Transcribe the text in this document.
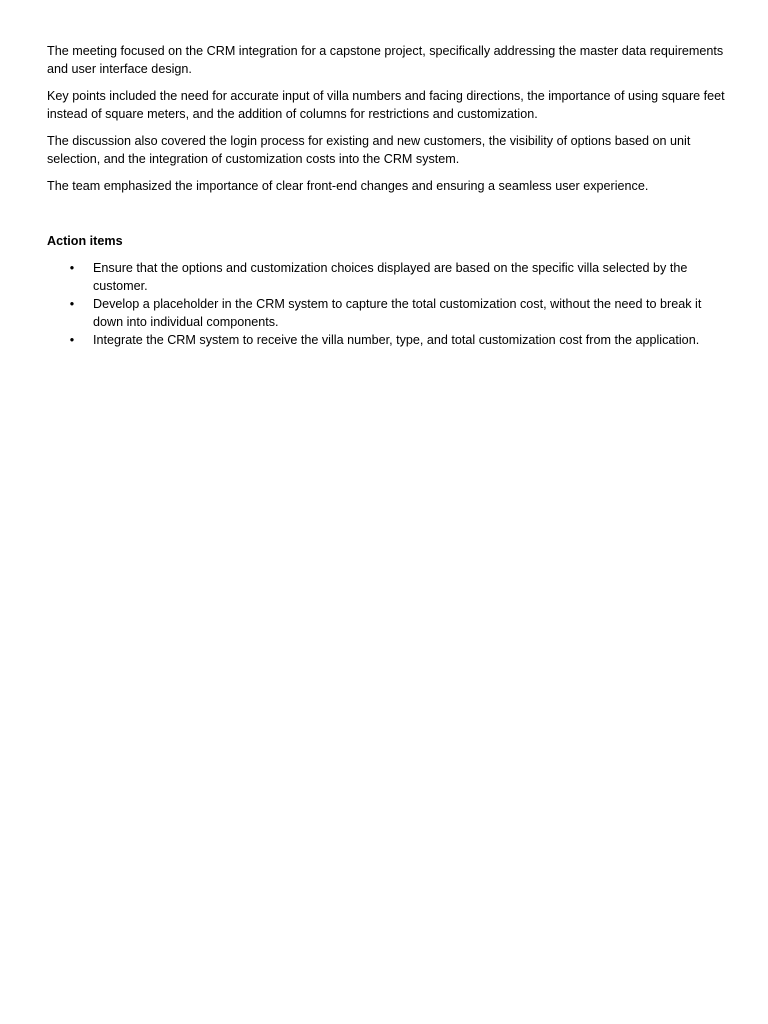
The meeting focused on the CRM integration for a capstone project, specifically addressing the master data requirements and user interface design.

Key points included the need for accurate input of villa numbers and facing directions, the importance of using square feet instead of square meters, and the addition of columns for restrictions and customization.

The discussion also covered the login process for existing and new customers, the visibility of options based on unit selection, and the integration of customization costs into the CRM system.

The team emphasized the importance of clear front-end changes and ensuring a seamless user experience.

Action items

• Ensure that the options and customization choices displayed are based on the specific villa selected by the customer.
• Develop a placeholder in the CRM system to capture the total customization cost, without the need to break it down into individual components.
• Integrate the CRM system to receive the villa number, type, and total customization cost from the application.
